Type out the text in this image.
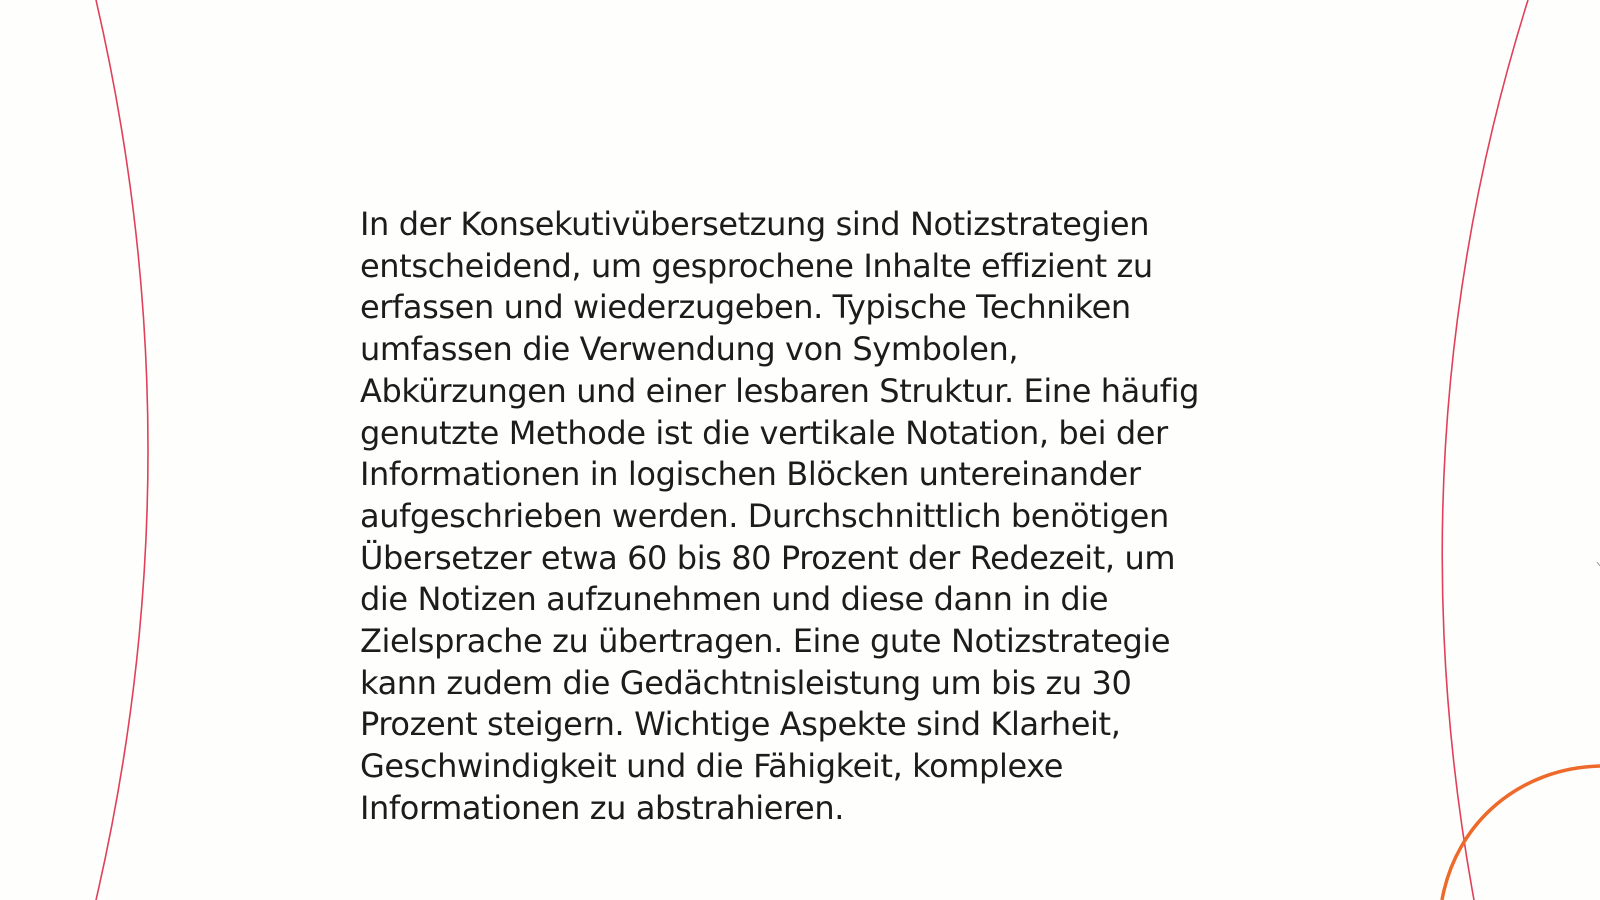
In der Konsekutivübersetzung sind Notizstrategien
entscheidend, um gesprochene Inhalte effizient zu
erfassen und wiederzugeben. Typische Techniken
umfassen die Verwendung von Symbolen,
Abkürzungen und einer lesbaren Struktur. Eine häufig
genutzte Methode ist die vertikale Notation, bei der
Informationen in logischen Blöcken untereinander
aufgeschrieben werden. Durchschnittlich benötigen
Übersetzer etwa 60 bis 80 Prozent der Redezeit, um
die Notizen aufzunehmen und diese dann in die
Zielsprache zu übertragen. Eine gute Notizstrategie
kann zudem die Gedächtnisleistung um bis zu 30
Prozent steigern. Wichtige Aspekte sind Klarheit,
Geschwindigkeit und die Fähigkeit, komplexe
Informationen zu abstrahieren.
